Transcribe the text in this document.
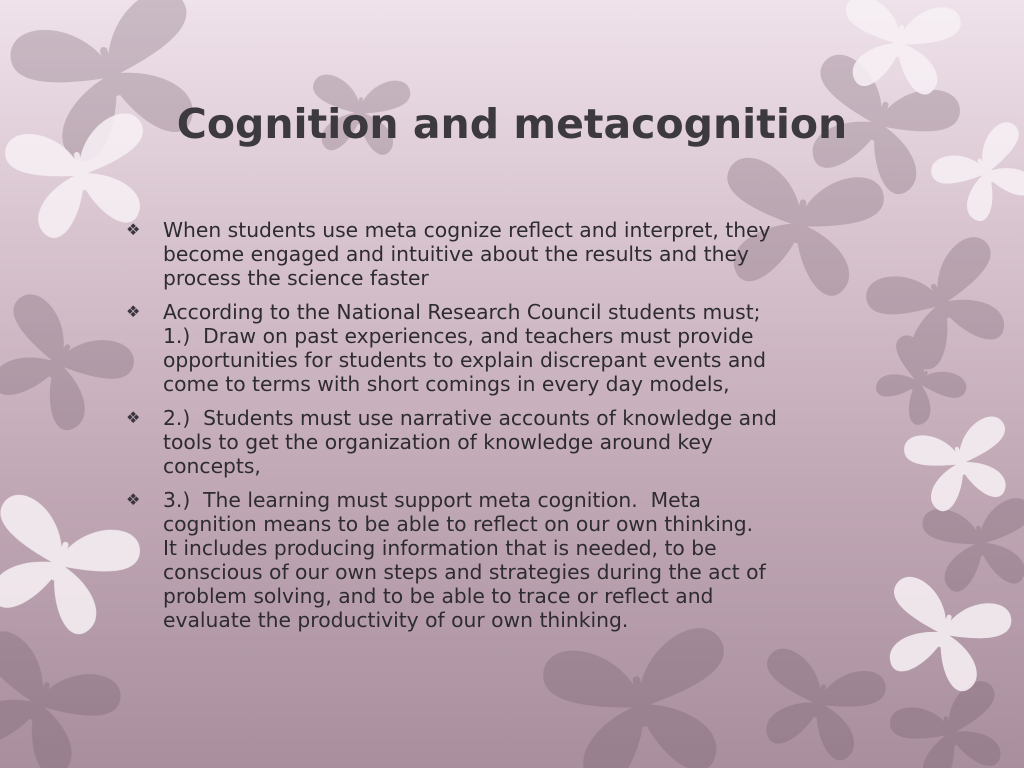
Cognition and metacognition
❖ When students use meta cognize reflect and interpret, they
become engaged and intuitive about the results and they
process the science faster
❖ According to the National Research Council students must;
1.)  Draw on past experiences, and teachers must provide
opportunities for students to explain discrepant events and
come to terms with short comings in every day models,
❖ 2.)  Students must use narrative accounts of knowledge and
tools to get the organization of knowledge around key
concepts,
❖ 3.)  The learning must support meta cognition.  Meta
cognition means to be able to reflect on our own thinking.
It includes producing information that is needed, to be
conscious of our own steps and strategies during the act of
problem solving, and to be able to trace or reflect and
evaluate the productivity of our own thinking.
